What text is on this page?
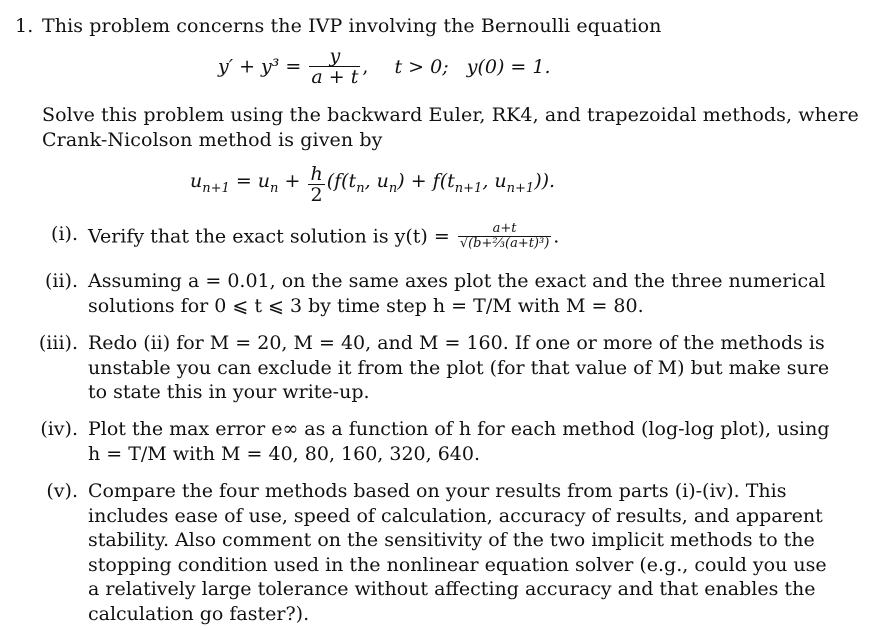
1. This problem concerns the IVP involving the Bernoulli equation
$y' + y^3 = \frac{y}{a + t}$ , t > 0;   y(0) = 1.
Solve this problem using the backward Euler, RK4, and trapezoidal methods, where
Crank-Nicolson method is given by
$u_{n+1} = u_n + \frac{h}{2} (f(t_n$, $u_n) + f(t_{n+1}$, $u_{n+1}$)).
(i). Verify that the exact solution is $y(t) = \frac{a+t}{\text{√(b+⅔(a+t)³)}}$ .
(ii). Assuming a = 0.01, on the same axes plot the exact and the three numerical
solutions for 0 ⩽ t ⩽ 3 by time step h = T/M with M = 80.
(iii). Redo (ii) for M = 20, M = 40, and M = 160. If one or more of the methods is
unstable you can exclude it from the plot (for that value of M) but make sure
to state this in your write-up.
(iv). Plot the max error e∞ as a function of h for each method (log-log plot), using
h = T/M with M = 40, 80, 160, 320, 640.
(v). Compare the four methods based on your results from parts (i)-(iv). This
includes ease of use, speed of calculation, accuracy of results, and apparent
stability. Also comment on the sensitivity of the two implicit methods to the
stopping condition used in the nonlinear equation solver (e.g., could you use
a relatively large tolerance without affecting accuracy and that enables the
calculation go faster?).
